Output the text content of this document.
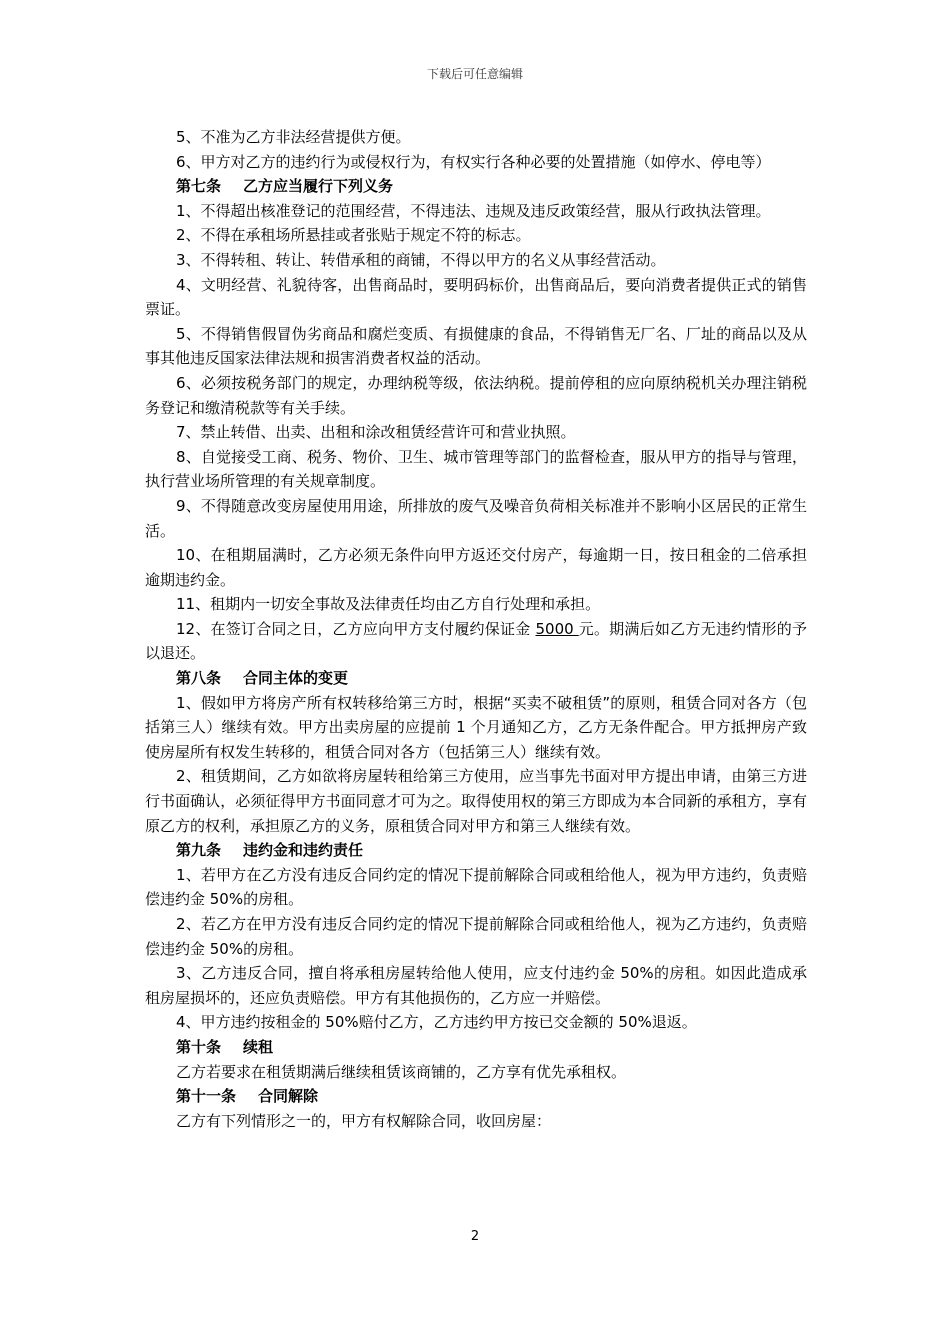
下载后可任意编辑

5、不准为乙方非法经营提供方便。

6、甲方对乙方的违约行为或侵权行为，有权实行各种必要的处置措施（如停水、停电等）

第七条 乙方应当履行下列义务

1、不得超出核准登记的范围经营，不得违法、违规及违反政策经营，服从行政执法管理。

2、不得在承租场所悬挂或者张贴于规定不符的标志。

3、不得转租、转让、转借承租的商铺，不得以甲方的名义从事经营活动。

4、文明经营、礼貌待客，出售商品时，要明码标价，出售商品后，要向消费者提供正式的销售票证。

5、不得销售假冒伪劣商品和腐烂变质、有损健康的食品，不得销售无厂名、厂址的商品以及从事其他违反国家法律法规和损害消费者权益的活动。

6、必须按税务部门的规定，办理纳税等级，依法纳税。提前停租的应向原纳税机关办理注销税务登记和缴清税款等有关手续。

7、禁止转借、出卖、出租和涂改租赁经营许可和营业执照。

8、自觉接受工商、税务、物价、卫生、城市管理等部门的监督检查，服从甲方的指导与管理，执行营业场所管理的有关规章制度。

9、不得随意改变房屋使用用途，所排放的废气及噪音负荷相关标准并不影响小区居民的正常生活。

10、在租期届满时，乙方必须无条件向甲方返还交付房产，每逾期一日，按日租金的二倍承担逾期违约金。

11、租期内一切安全事故及法律责任均由乙方自行处理和承担。

12、在签订合同之日，乙方应向甲方支付履约保证金 5000 元。期满后如乙方无违约情形的予以退还。

第八条 合同主体的变更

1、假如甲方将房产所有权转移给第三方时，根据“买卖不破租赁”的原则，租赁合同对各方（包括第三人）继续有效。甲方出卖房屋的应提前 1 个月通知乙方，乙方无条件配合。甲方抵押房产致使房屋所有权发生转移的，租赁合同对各方（包括第三人）继续有效。

2、租赁期间，乙方如欲将房屋转租给第三方使用，应当事先书面对甲方提出申请，由第三方进行书面确认，必须征得甲方书面同意才可为之。取得使用权的第三方即成为本合同新的承租方，享有原乙方的权利，承担原乙方的义务，原租赁合同对甲方和第三人继续有效。

第九条 违约金和违约责任

1、若甲方在乙方没有违反合同约定的情况下提前解除合同或租给他人，视为甲方违约，负责赔偿违约金 50%的房租。

2、若乙方在甲方没有违反合同约定的情况下提前解除合同或租给他人，视为乙方违约，负责赔偿违约金 50%的房租。

3、乙方违反合同，擅自将承租房屋转给他人使用，应支付违约金 50%的房租。如因此造成承租房屋损坏的，还应负责赔偿。甲方有其他损伤的，乙方应一并赔偿。

4、甲方违约按租金的 50%赔付乙方，乙方违约甲方按已交金额的 50%退返。

第十条 续租

乙方若要求在租赁期满后继续租赁该商铺的，乙方享有优先承租权。

第十一条 合同解除

乙方有下列情形之一的，甲方有权解除合同，收回房屋：

2
